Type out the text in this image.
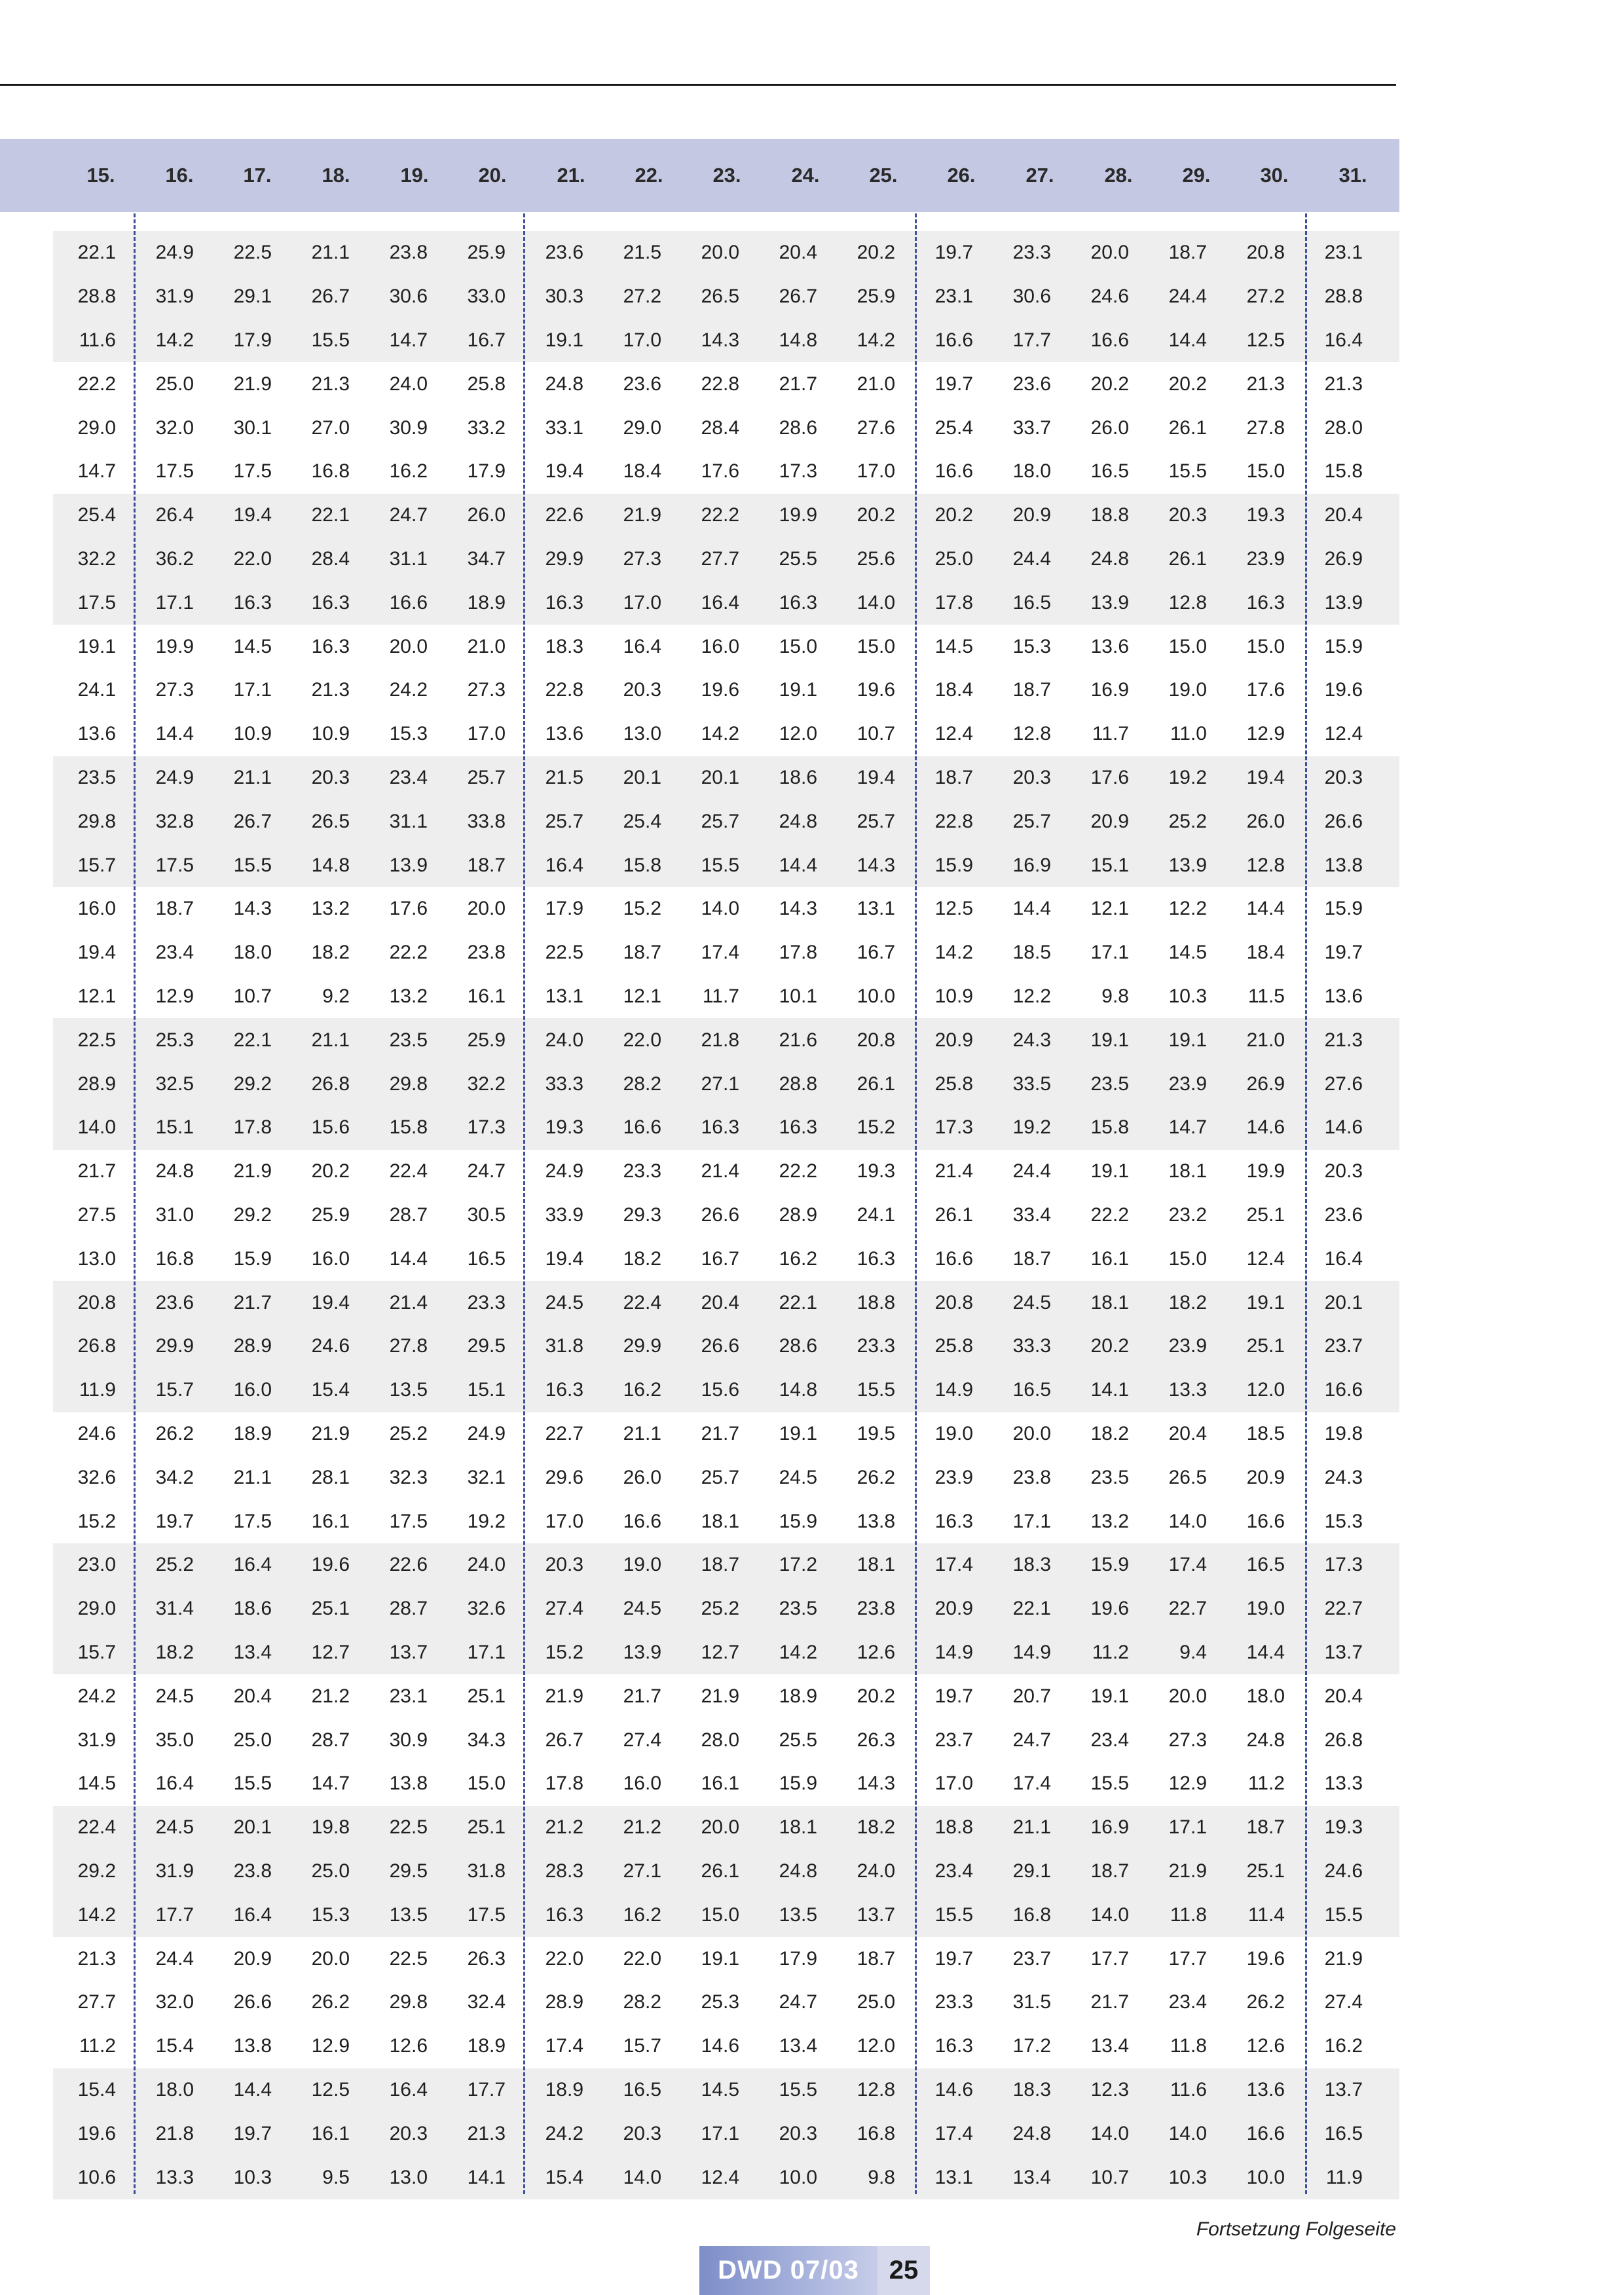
15.	16.	17.	18.	19.	20.	21.	22.	23.	24.	25.	26.	27.	28.	29.	30.	31.
22.1	24.9	22.5	21.1	23.8	25.9	23.6	21.5	20.0	20.4	20.2	19.7	23.3	20.0	18.7	20.8	23.1
28.8	31.9	29.1	26.7	30.6	33.0	30.3	27.2	26.5	26.7	25.9	23.1	30.6	24.6	24.4	27.2	28.8
11.6	14.2	17.9	15.5	14.7	16.7	19.1	17.0	14.3	14.8	14.2	16.6	17.7	16.6	14.4	12.5	16.4
22.2	25.0	21.9	21.3	24.0	25.8	24.8	23.6	22.8	21.7	21.0	19.7	23.6	20.2	20.2	21.3	21.3
29.0	32.0	30.1	27.0	30.9	33.2	33.1	29.0	28.4	28.6	27.6	25.4	33.7	26.0	26.1	27.8	28.0
14.7	17.5	17.5	16.8	16.2	17.9	19.4	18.4	17.6	17.3	17.0	16.6	18.0	16.5	15.5	15.0	15.8
25.4	26.4	19.4	22.1	24.7	26.0	22.6	21.9	22.2	19.9	20.2	20.2	20.9	18.8	20.3	19.3	20.4
32.2	36.2	22.0	28.4	31.1	34.7	29.9	27.3	27.7	25.5	25.6	25.0	24.4	24.8	26.1	23.9	26.9
17.5	17.1	16.3	16.3	16.6	18.9	16.3	17.0	16.4	16.3	14.0	17.8	16.5	13.9	12.8	16.3	13.9
19.1	19.9	14.5	16.3	20.0	21.0	18.3	16.4	16.0	15.0	15.0	14.5	15.3	13.6	15.0	15.0	15.9
24.1	27.3	17.1	21.3	24.2	27.3	22.8	20.3	19.6	19.1	19.6	18.4	18.7	16.9	19.0	17.6	19.6
13.6	14.4	10.9	10.9	15.3	17.0	13.6	13.0	14.2	12.0	10.7	12.4	12.8	11.7	11.0	12.9	12.4
23.5	24.9	21.1	20.3	23.4	25.7	21.5	20.1	20.1	18.6	19.4	18.7	20.3	17.6	19.2	19.4	20.3
29.8	32.8	26.7	26.5	31.1	33.8	25.7	25.4	25.7	24.8	25.7	22.8	25.7	20.9	25.2	26.0	26.6
15.7	17.5	15.5	14.8	13.9	18.7	16.4	15.8	15.5	14.4	14.3	15.9	16.9	15.1	13.9	12.8	13.8
16.0	18.7	14.3	13.2	17.6	20.0	17.9	15.2	14.0	14.3	13.1	12.5	14.4	12.1	12.2	14.4	15.9
19.4	23.4	18.0	18.2	22.2	23.8	22.5	18.7	17.4	17.8	16.7	14.2	18.5	17.1	14.5	18.4	19.7
12.1	12.9	10.7	9.2	13.2	16.1	13.1	12.1	11.7	10.1	10.0	10.9	12.2	9.8	10.3	11.5	13.6
22.5	25.3	22.1	21.1	23.5	25.9	24.0	22.0	21.8	21.6	20.8	20.9	24.3	19.1	19.1	21.0	21.3
28.9	32.5	29.2	26.8	29.8	32.2	33.3	28.2	27.1	28.8	26.1	25.8	33.5	23.5	23.9	26.9	27.6
14.0	15.1	17.8	15.6	15.8	17.3	19.3	16.6	16.3	16.3	15.2	17.3	19.2	15.8	14.7	14.6	14.6
21.7	24.8	21.9	20.2	22.4	24.7	24.9	23.3	21.4	22.2	19.3	21.4	24.4	19.1	18.1	19.9	20.3
27.5	31.0	29.2	25.9	28.7	30.5	33.9	29.3	26.6	28.9	24.1	26.1	33.4	22.2	23.2	25.1	23.6
13.0	16.8	15.9	16.0	14.4	16.5	19.4	18.2	16.7	16.2	16.3	16.6	18.7	16.1	15.0	12.4	16.4
20.8	23.6	21.7	19.4	21.4	23.3	24.5	22.4	20.4	22.1	18.8	20.8	24.5	18.1	18.2	19.1	20.1
26.8	29.9	28.9	24.6	27.8	29.5	31.8	29.9	26.6	28.6	23.3	25.8	33.3	20.2	23.9	25.1	23.7
11.9	15.7	16.0	15.4	13.5	15.1	16.3	16.2	15.6	14.8	15.5	14.9	16.5	14.1	13.3	12.0	16.6
24.6	26.2	18.9	21.9	25.2	24.9	22.7	21.1	21.7	19.1	19.5	19.0	20.0	18.2	20.4	18.5	19.8
32.6	34.2	21.1	28.1	32.3	32.1	29.6	26.0	25.7	24.5	26.2	23.9	23.8	23.5	26.5	20.9	24.3
15.2	19.7	17.5	16.1	17.5	19.2	17.0	16.6	18.1	15.9	13.8	16.3	17.1	13.2	14.0	16.6	15.3
23.0	25.2	16.4	19.6	22.6	24.0	20.3	19.0	18.7	17.2	18.1	17.4	18.3	15.9	17.4	16.5	17.3
29.0	31.4	18.6	25.1	28.7	32.6	27.4	24.5	25.2	23.5	23.8	20.9	22.1	19.6	22.7	19.0	22.7
15.7	18.2	13.4	12.7	13.7	17.1	15.2	13.9	12.7	14.2	12.6	14.9	14.9	11.2	9.4	14.4	13.7
24.2	24.5	20.4	21.2	23.1	25.1	21.9	21.7	21.9	18.9	20.2	19.7	20.7	19.1	20.0	18.0	20.4
31.9	35.0	25.0	28.7	30.9	34.3	26.7	27.4	28.0	25.5	26.3	23.7	24.7	23.4	27.3	24.8	26.8
14.5	16.4	15.5	14.7	13.8	15.0	17.8	16.0	16.1	15.9	14.3	17.0	17.4	15.5	12.9	11.2	13.3
22.4	24.5	20.1	19.8	22.5	25.1	21.2	21.2	20.0	18.1	18.2	18.8	21.1	16.9	17.1	18.7	19.3
29.2	31.9	23.8	25.0	29.5	31.8	28.3	27.1	26.1	24.8	24.0	23.4	29.1	18.7	21.9	25.1	24.6
14.2	17.7	16.4	15.3	13.5	17.5	16.3	16.2	15.0	13.5	13.7	15.5	16.8	14.0	11.8	11.4	15.5
21.3	24.4	20.9	20.0	22.5	26.3	22.0	22.0	19.1	17.9	18.7	19.7	23.7	17.7	17.7	19.6	21.9
27.7	32.0	26.6	26.2	29.8	32.4	28.9	28.2	25.3	24.7	25.0	23.3	31.5	21.7	23.4	26.2	27.4
11.2	15.4	13.8	12.9	12.6	18.9	17.4	15.7	14.6	13.4	12.0	16.3	17.2	13.4	11.8	12.6	16.2
15.4	18.0	14.4	12.5	16.4	17.7	18.9	16.5	14.5	15.5	12.8	14.6	18.3	12.3	11.6	13.6	13.7
19.6	21.8	19.7	16.1	20.3	21.3	24.2	20.3	17.1	20.3	16.8	17.4	24.8	14.0	14.0	16.6	16.5
10.6	13.3	10.3	9.5	13.0	14.1	15.4	14.0	12.4	10.0	9.8	13.1	13.4	10.7	10.3	10.0	11.9
Fortsetzung Folgeseite
DWD 07/03	25
